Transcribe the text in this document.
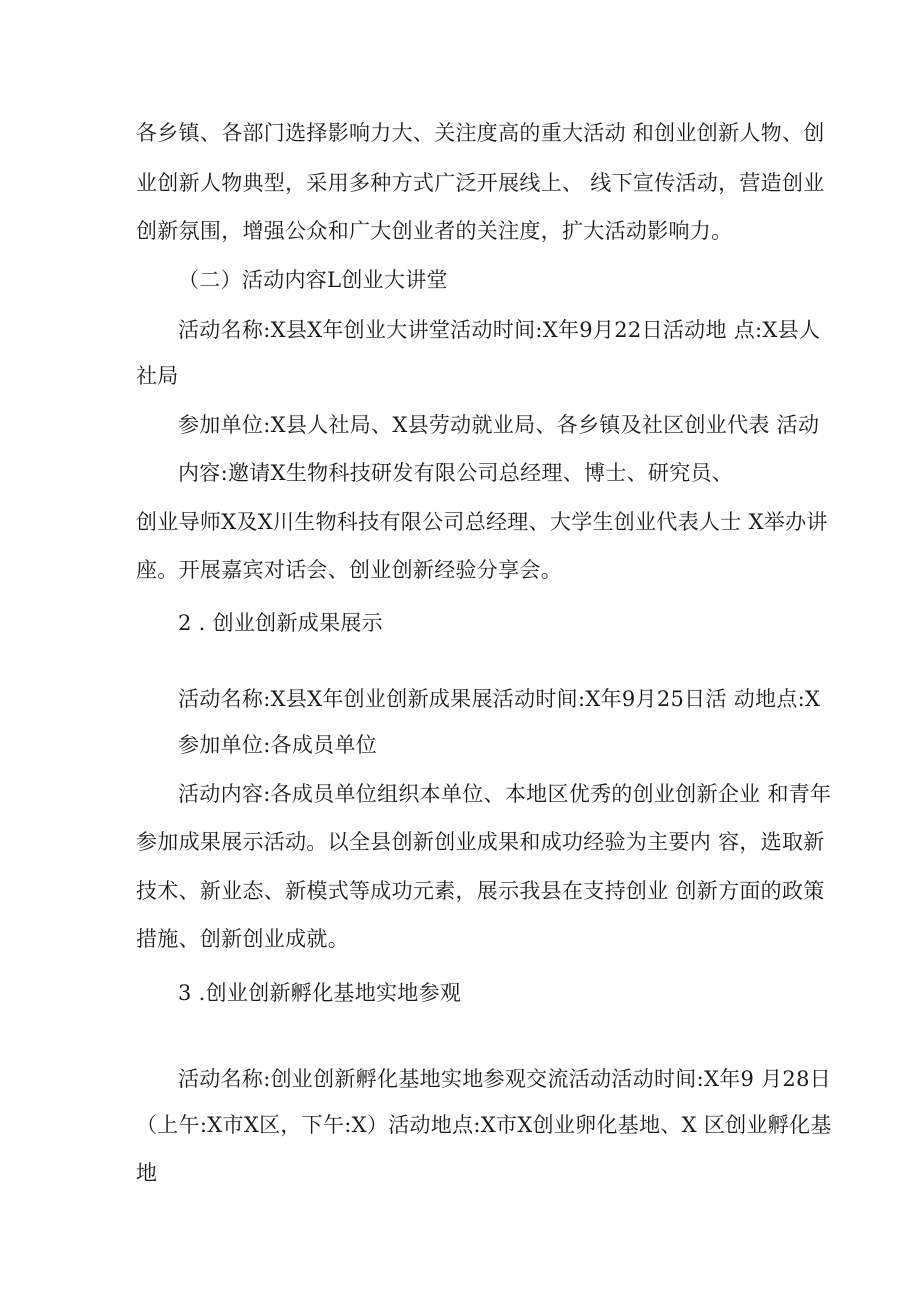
各乡镇、各部门选择影响力大、关注度高的重大活动 和创业创新人物、创
业创新人物典型，采用多种方式广泛开展线上、 线下宣传活动，营造创业
创新氛围，增强公众和广大创业者的关注度，扩大活动影响力。
（二）活动内容L创业大讲堂
活动名称:X县X年创业大讲堂活动时间:X年9月22日活动地 点:X县人
社局
参加单位:X县人社局、X县劳动就业局、各乡镇及社区创业代表 活动
内容:邀请X生物科技研发有限公司总经理、博士、研究员、
创业导师X及X川生物科技有限公司总经理、大学生创业代表人士 X举办讲
座。开展嘉宾对话会、创业创新经验分享会。
2 . 创业创新成果展示
活动名称:X县X年创业创新成果展活动时间:X年9月25日活 动地点:X
参加单位:各成员单位
活动内容:各成员单位组织本单位、本地区优秀的创业创新企业 和青年
参加成果展示活动。以全县创新创业成果和成功经验为主要内 容，选取新
技术、新业态、新模式等成功元素，展示我县在支持创业 创新方面的政策
措施、创新创业成就。
3 .创业创新孵化基地实地参观
活动名称:创业创新孵化基地实地参观交流活动活动时间:X年9 月28日
（上午:X市X区，下午:X）活动地点:X市X创业卵化基地、X 区创业孵化基
地
